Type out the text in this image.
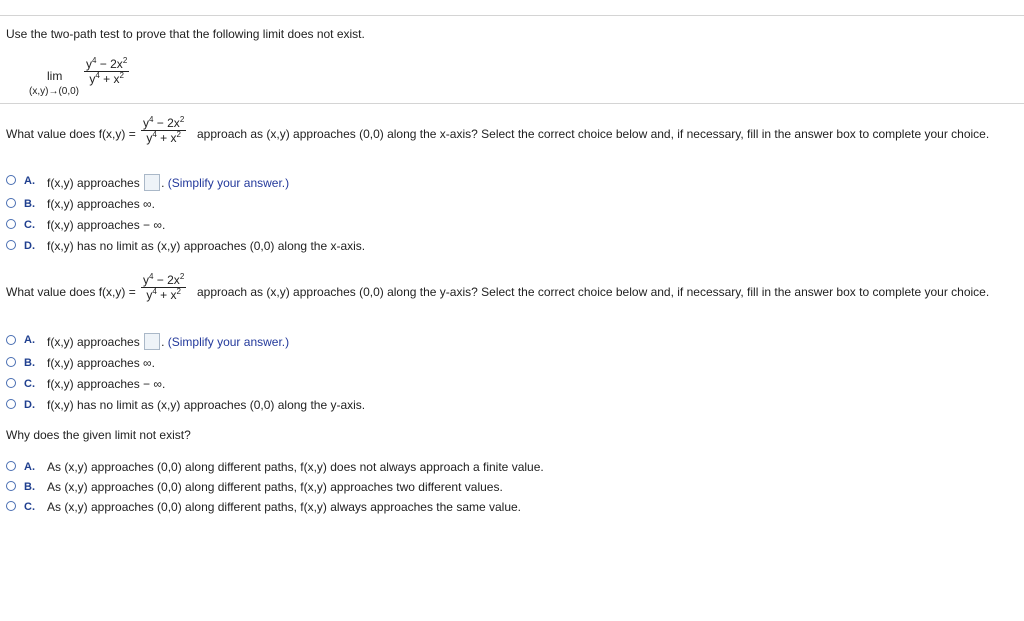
Use the two-path test to prove that the following limit does not exist.
lim
(x,y)→(0,0)
$\frac{y^4 - 2x^2}{y^4 + x^2}$
What value does $f(x,y) = \frac{y^4 - 2x^2}{y^4 + x^2}$ approach as (x,y) approaches (0,0) along the x-axis? Select the correct choice below and, if necessary, fill in the answer box to complete your choice.
A. f(x,y) approaches . (Simplify your answer.)
B. f(x,y) approaches ∞.
C. f(x,y) approaches − ∞.
D. f(x,y) has no limit as (x,y) approaches (0,0) along the x-axis.
What value does $f(x,y) = \frac{y^4 - 2x^2}{y^4 + x^2}$ approach as (x,y) approaches (0,0) along the y-axis? Select the correct choice below and, if necessary, fill in the answer box to complete your choice.
A. f(x,y) approaches . (Simplify your answer.)
B. f(x,y) approaches ∞.
C. f(x,y) approaches − ∞.
D. f(x,y) has no limit as (x,y) approaches (0,0) along the y-axis.
Why does the given limit not exist?
A. As (x,y) approaches (0,0) along different paths, f(x,y) does not always approach a finite value.
B. As (x,y) approaches (0,0) along different paths, f(x,y) approaches two different values.
C. As (x,y) approaches (0,0) along different paths, f(x,y) always approaches the same value.
